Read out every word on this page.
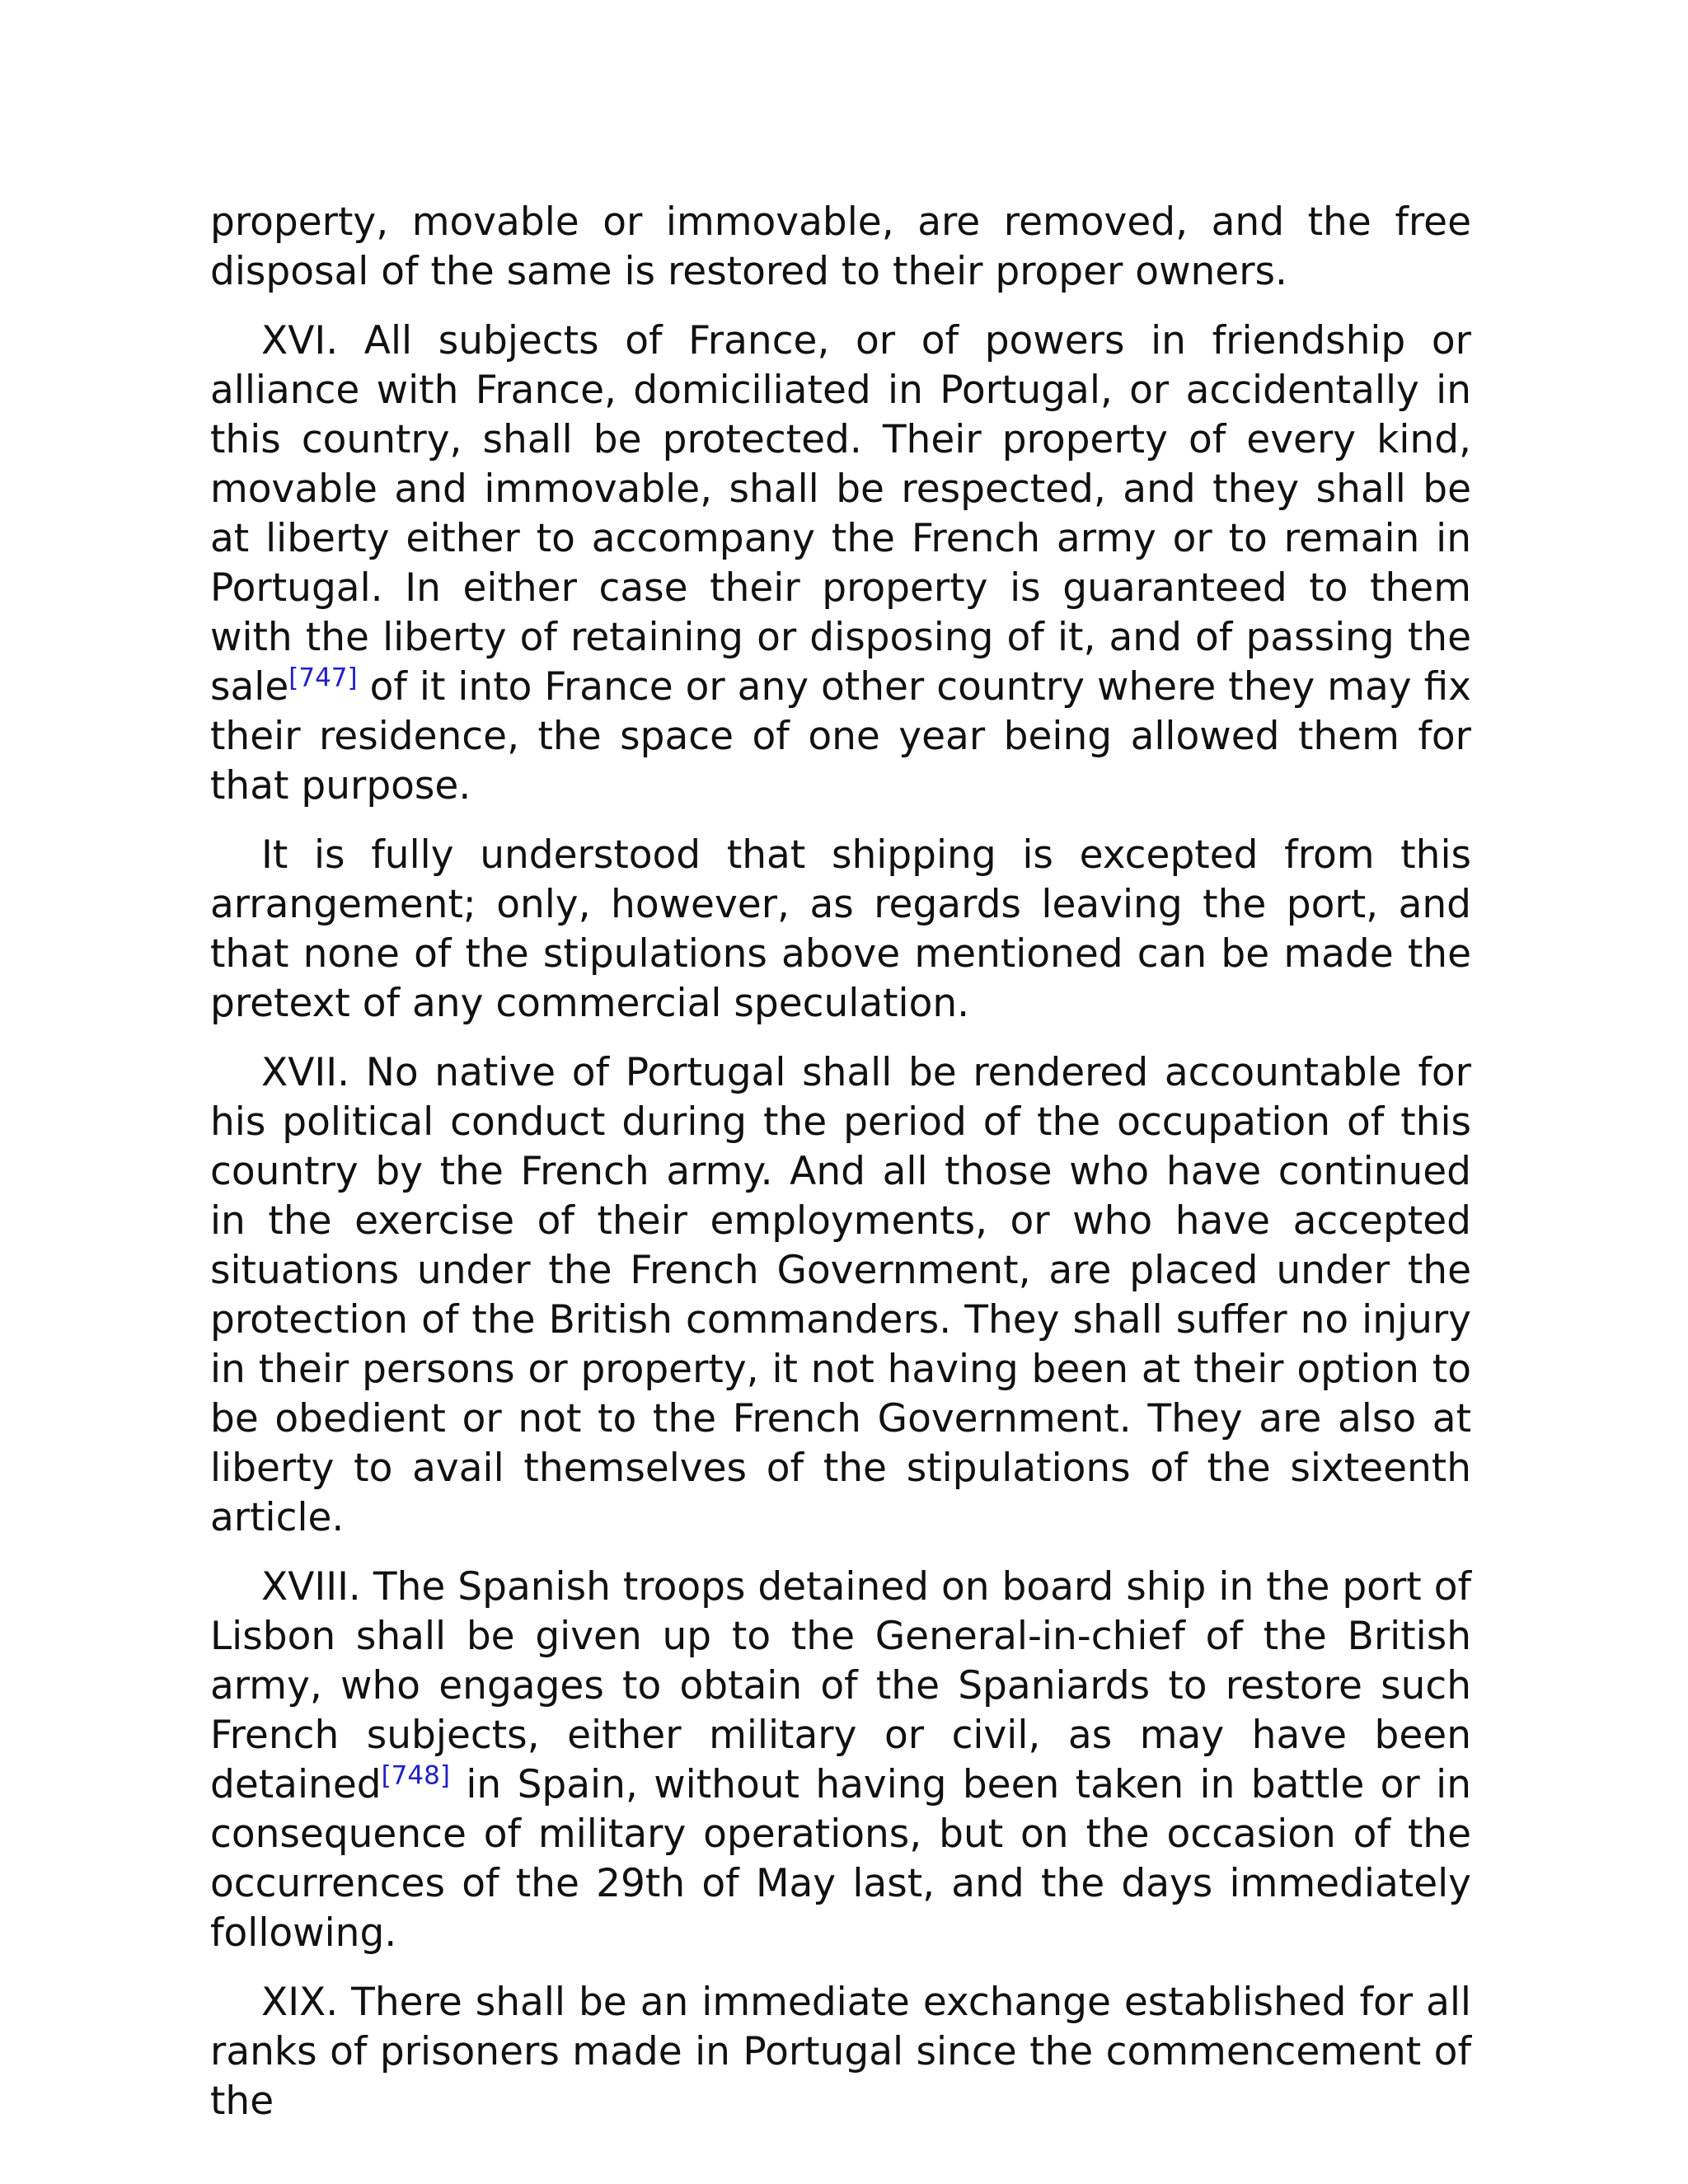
property, movable or immovable, are removed, and the free disposal of the same is restored to their proper owners.

XVI. All subjects of France, or of powers in friendship or alliance with France, domiciliated in Portugal, or accidentally in this country, shall be protected. Their property of every kind, movable and immovable, shall be respected, and they shall be at liberty either to accompany the French army or to remain in Portugal. In either case their property is guaranteed to them with the liberty of retaining or disposing of it, and of passing the sale[747] of it into France or any other country where they may fix their residence, the space of one year being allowed them for that purpose.

It is fully understood that shipping is excepted from this arrangement; only, however, as regards leaving the port, and that none of the stipulations above mentioned can be made the pretext of any commercial speculation.

XVII. No native of Portugal shall be rendered accountable for his political conduct during the period of the occupation of this country by the French army. And all those who have continued in the exercise of their employments, or who have accepted situations under the French Government, are placed under the protection of the British commanders. They shall suffer no injury in their persons or property, it not having been at their option to be obedient or not to the French Government. They are also at liberty to avail themselves of the stipulations of the sixteenth article.

XVIII. The Spanish troops detained on board ship in the port of Lisbon shall be given up to the General-in-chief of the British army, who engages to obtain of the Spaniards to restore such French subjects, either military or civil, as may have been detained[748] in Spain, without having been taken in battle or in consequence of military operations, but on the occasion of the occurrences of the 29th of May last, and the days immediately following.

XIX. There shall be an immediate exchange established for all ranks of prisoners made in Portugal since the commencement of the
